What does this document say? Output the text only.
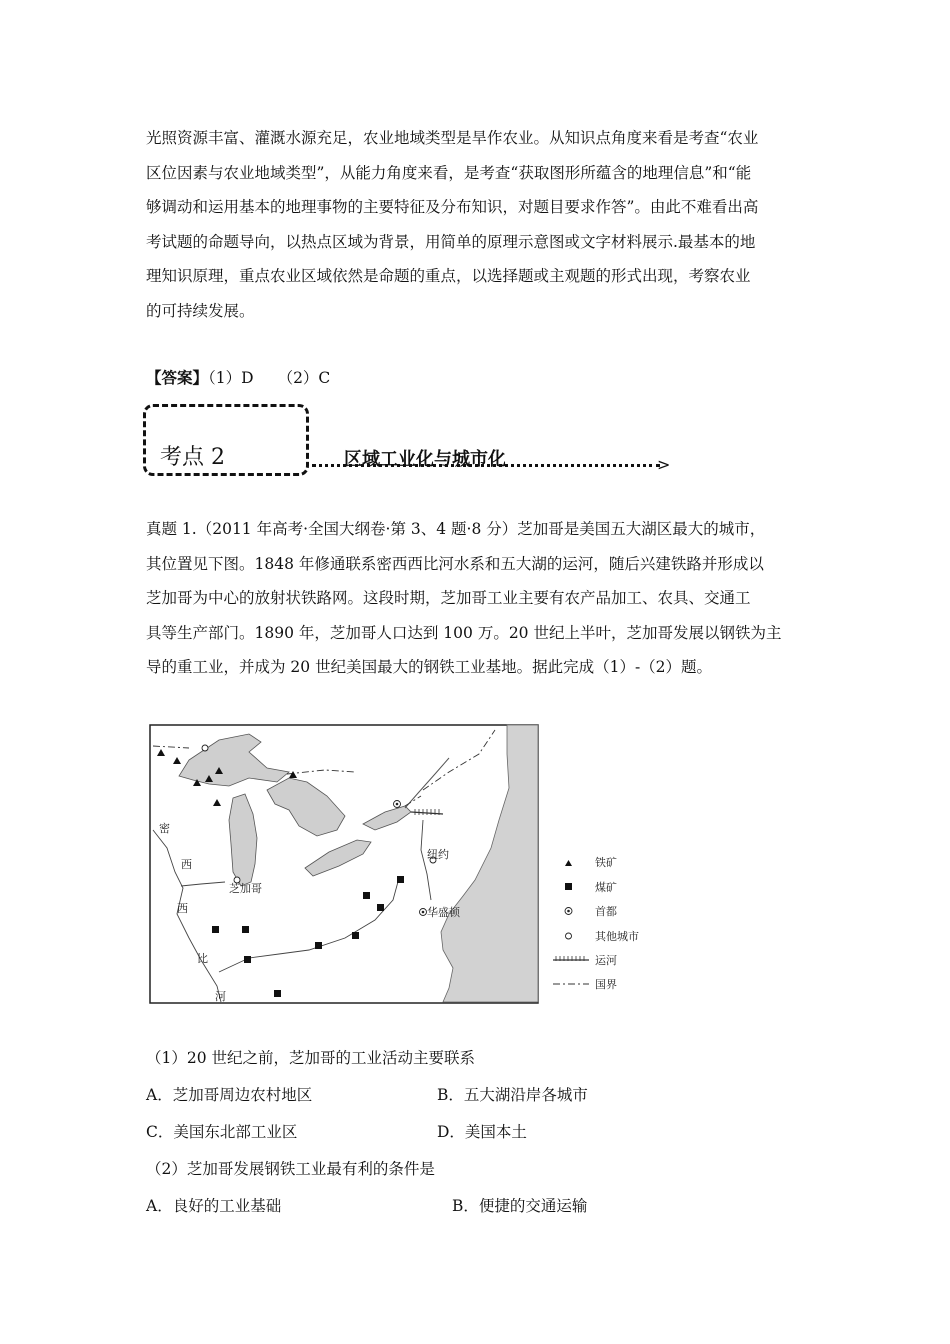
光照资源丰富、灌溉水源充足，农业地域类型是旱作农业。从知识点角度来看是考查“农业
区位因素与农业地域类型”，从能力角度来看，是考查“获取图形所蕴含的地理信息”和“能
够调动和运用基本的地理事物的主要特征及分布知识，对题目要求作答”。由此不难看出高
考试题的命题导向，以热点区域为背景，用简单的原理示意图或文字材料展示.最基本的地
理知识原理，重点农业区域依然是命题的重点，以选择题或主观题的形式出现，考察农业
的可持续发展。
【答案】（1）D （2）C
考点 2	区域工业化与城市化	>
真题 1.（2011 年高考·全国大纲卷·第 3、4 题·8 分）芝加哥是美国五大湖区最大的城市，
其位置见下图。1848 年修通联系密西西比河水系和五大湖的运河，随后兴建铁路并形成以
芝加哥为中心的放射状铁路网。这段时期，芝加哥工业主要有农产品加工、农具、交通工
具等生产部门。1890 年，芝加哥人口达到 100 万。20 世纪上半叶，芝加哥发展以钢铁为主
导的重工业，并成为 20 世纪美国最大的钢铁工业基地。据此完成（1）-（2）题。
密
西
西
比
河
芝加哥
纽约
华盛顿
铁矿
煤矿
首都
其他城市
运河
国界
（1）20 世纪之前，芝加哥的工业活动主要联系
A．芝加哥周边农村地区	B．五大湖沿岸各城市
C．美国东北部工业区	D．美国本土
（2）芝加哥发展钢铁工业最有利的条件是
A．良好的工业基础	B．便捷的交通运输
